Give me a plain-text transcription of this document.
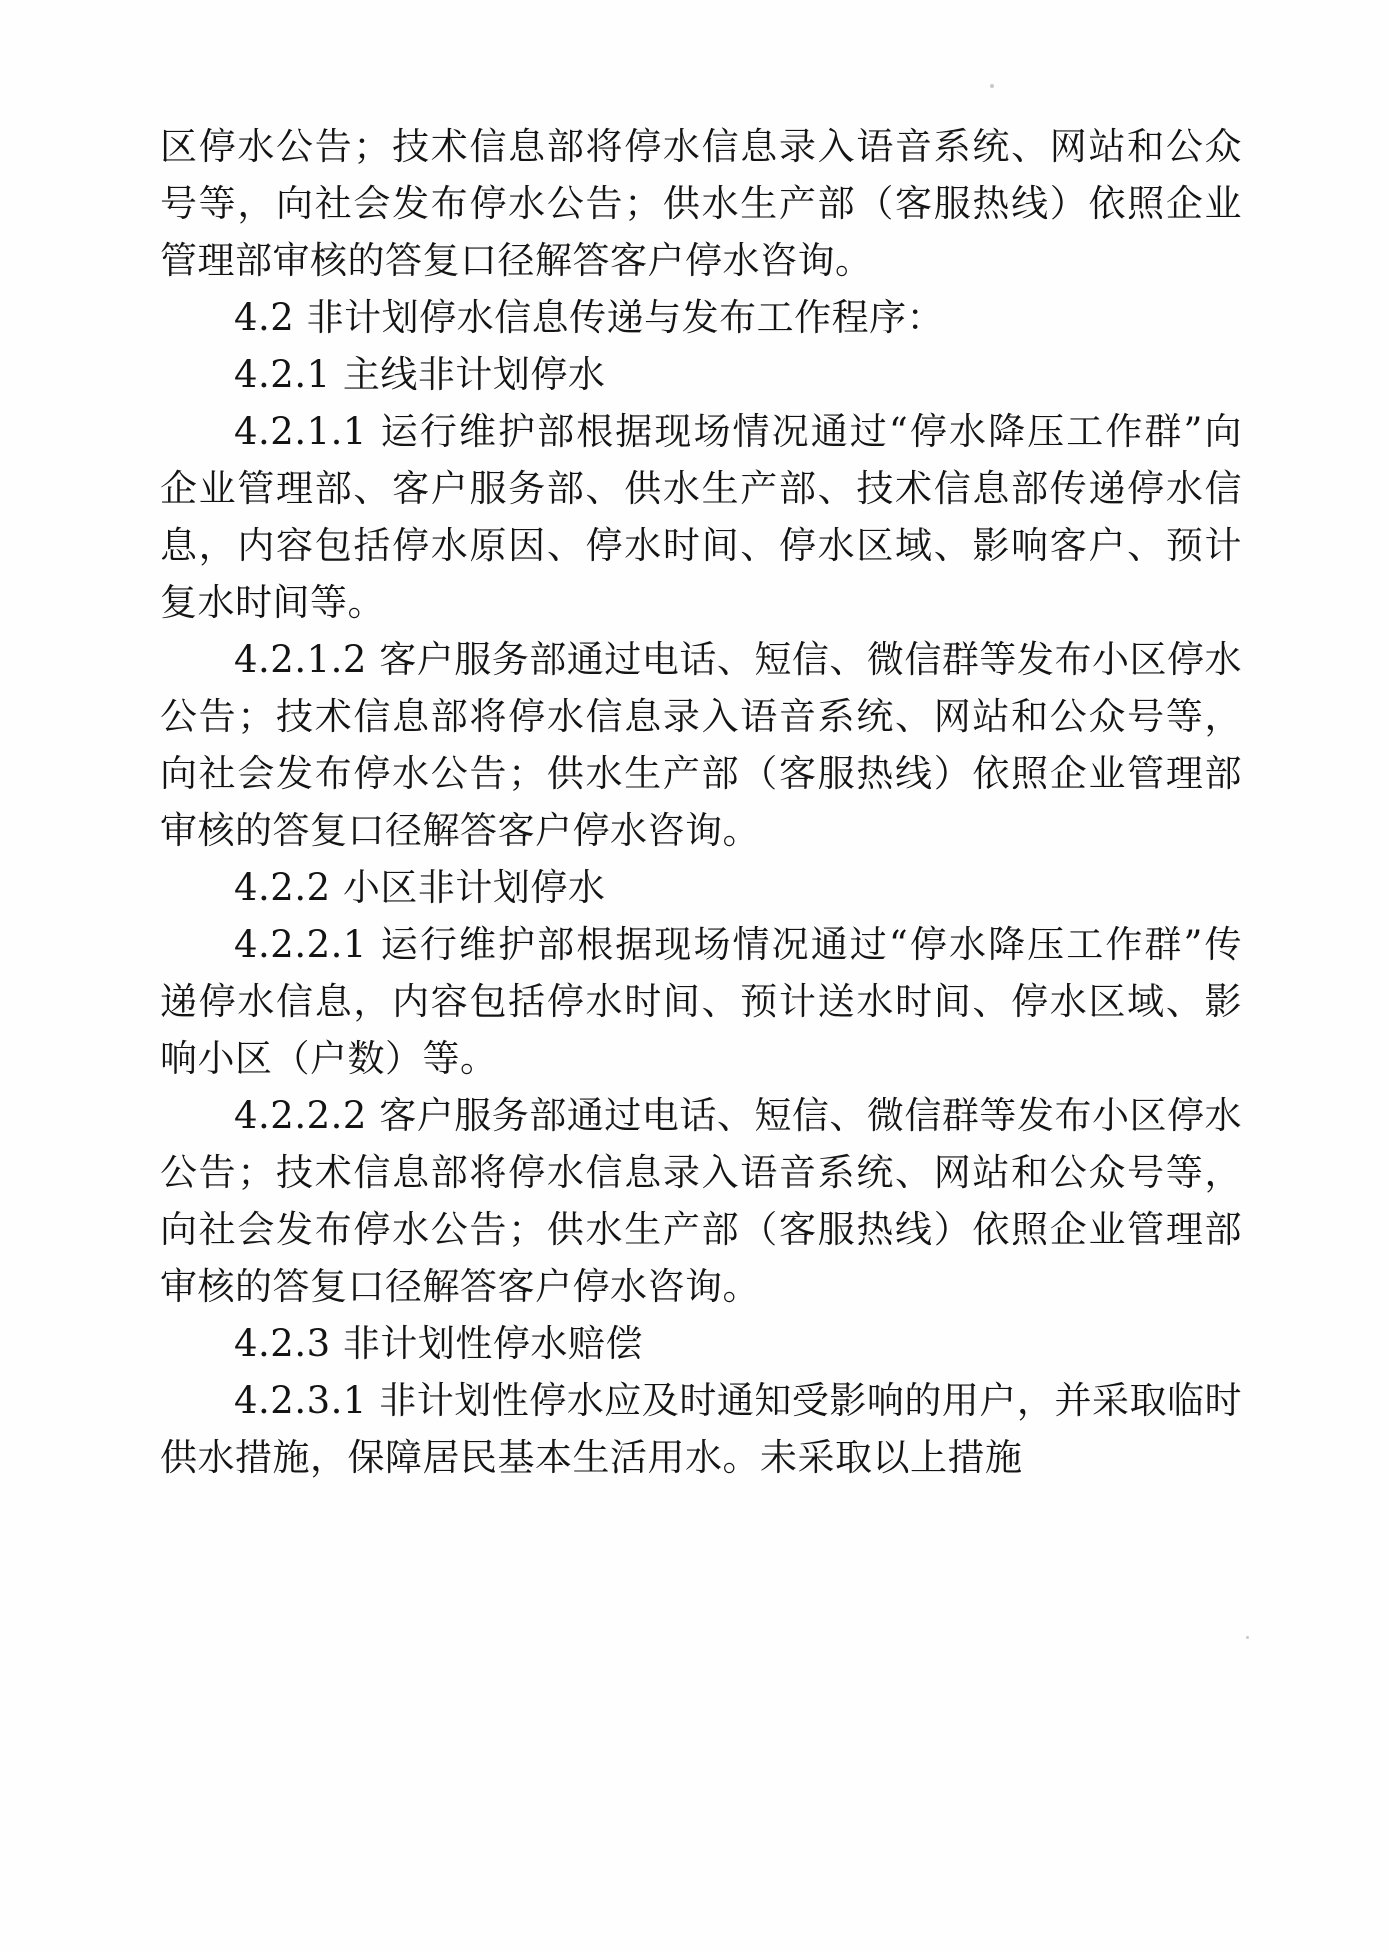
区停水公告；技术信息部将停水信息录入语音系统、网站和公众号等，向社会发布停水公告；供水生产部（客服热线）依照企业管理部审核的答复口径解答客户停水咨询。

4.2 非计划停水信息传递与发布工作程序：

4.2.1 主线非计划停水

4.2.1.1 运行维护部根据现场情况通过“停水降压工作群”向企业管理部、客户服务部、供水生产部、技术信息部传递停水信息，内容包括停水原因、停水时间、停水区域、影响客户、预计复水时间等。

4.2.1.2 客户服务部通过电话、短信、微信群等发布小区停水公告；技术信息部将停水信息录入语音系统、网站和公众号等，向社会发布停水公告；供水生产部（客服热线）依照企业管理部审核的答复口径解答客户停水咨询。

4.2.2 小区非计划停水

4.2.2.1 运行维护部根据现场情况通过“停水降压工作群”传递停水信息，内容包括停水时间、预计送水时间、停水区域、影响小区（户数）等。

4.2.2.2 客户服务部通过电话、短信、微信群等发布小区停水公告；技术信息部将停水信息录入语音系统、网站和公众号等，向社会发布停水公告；供水生产部（客服热线）依照企业管理部审核的答复口径解答客户停水咨询。

4.2.3 非计划性停水赔偿

4.2.3.1 非计划性停水应及时通知受影响的用户，并采取临时供水措施，保障居民基本生活用水。未采取以上措施
